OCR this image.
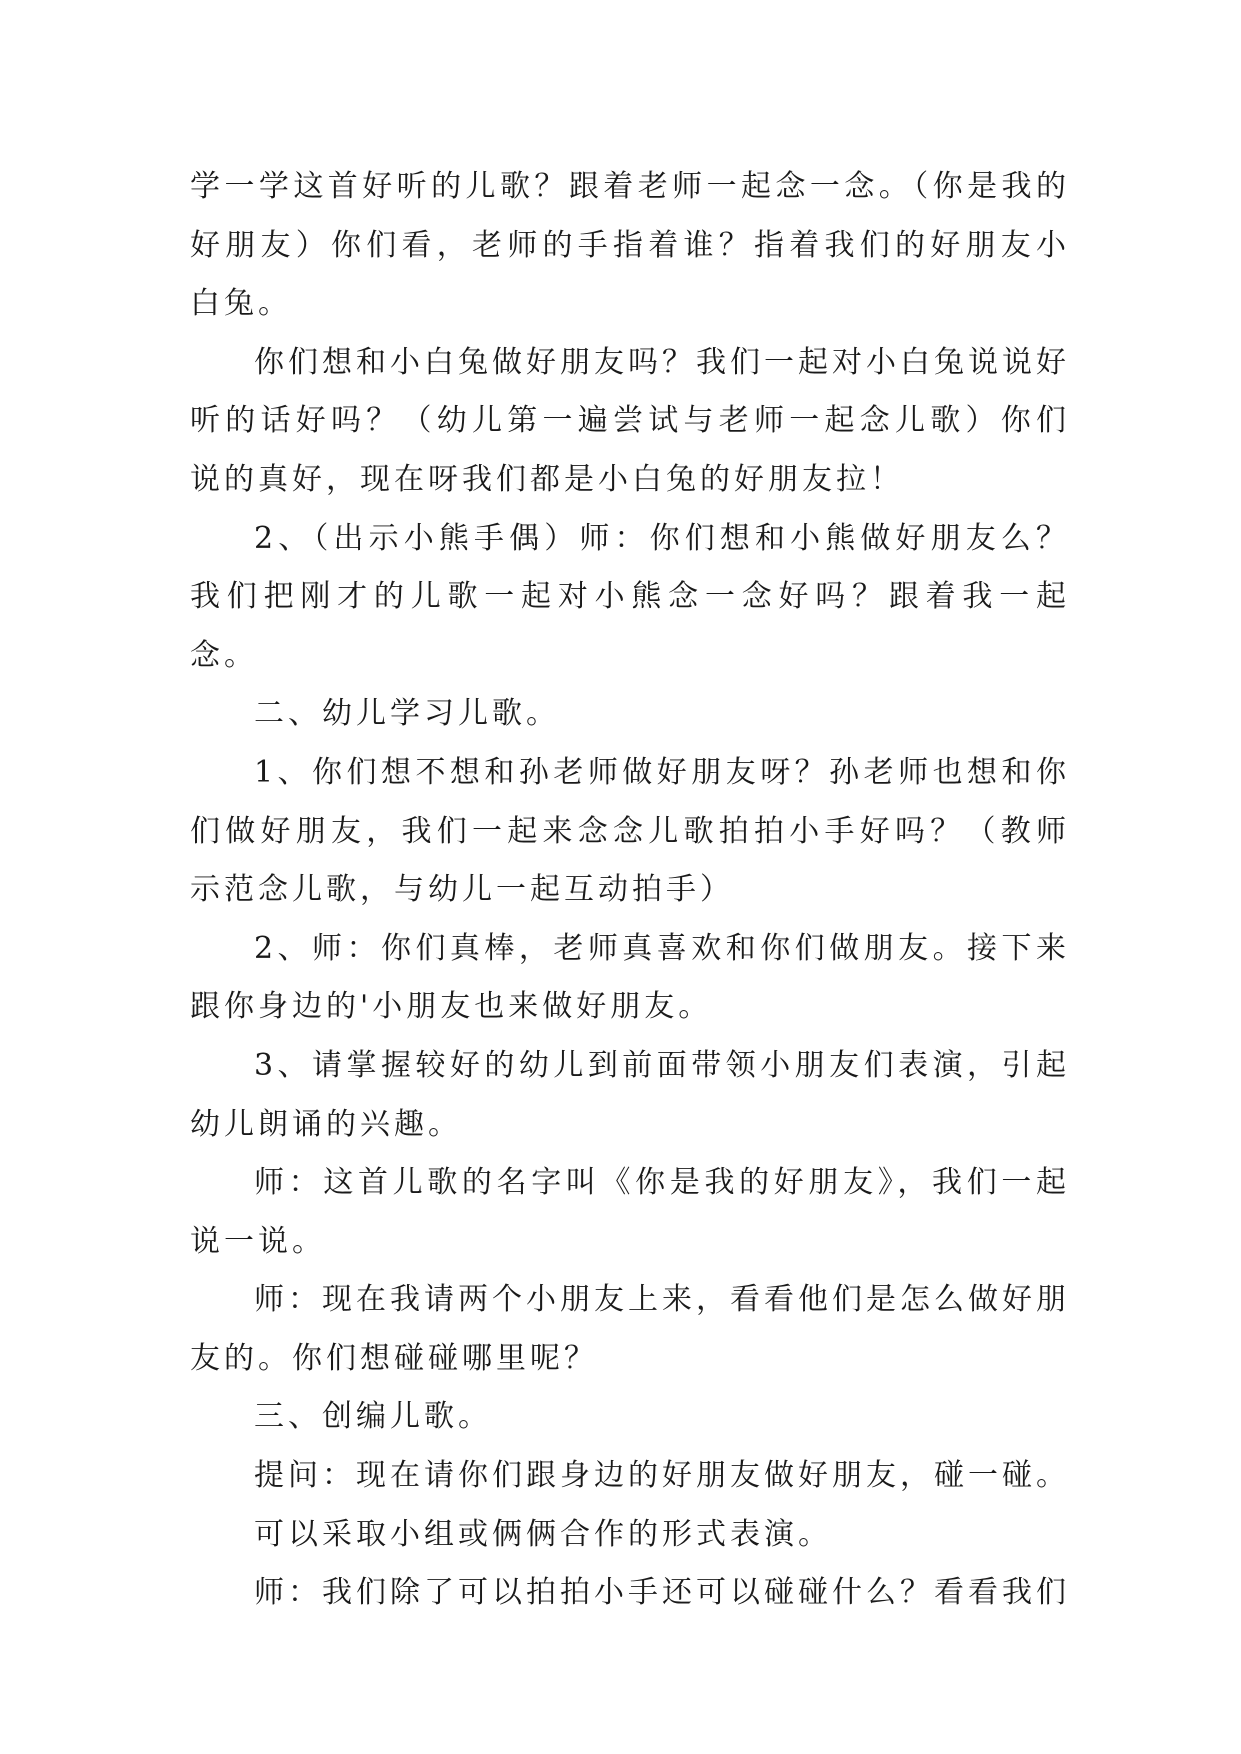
学一学这首好听的儿歌？跟着老师一起念一念。（你是我的好朋友）你们看，老师的手指着谁？指着我们的好朋友小白兔。

你们想和小白兔做好朋友吗？我们一起对小白兔说说好听的话好吗？（幼儿第一遍尝试与老师一起念儿歌）你们说的真好，现在呀我们都是小白兔的好朋友拉！

2、（出示小熊手偶）师：你们想和小熊做好朋友么？我们把刚才的儿歌一起对小熊念一念好吗？跟着我一起念。

二、幼儿学习儿歌。

1、你们想不想和孙老师做好朋友呀？孙老师也想和你们做好朋友，我们一起来念念儿歌拍拍小手好吗？（教师示范念儿歌，与幼儿一起互动拍手）

2、师：你们真棒，老师真喜欢和你们做朋友。接下来跟你身边的'小朋友也来做好朋友。

3、请掌握较好的幼儿到前面带领小朋友们表演，引起幼儿朗诵的兴趣。

师：这首儿歌的名字叫《你是我的好朋友》，我们一起说一说。

师：现在我请两个小朋友上来，看看他们是怎么做好朋友的。你们想碰碰哪里呢？

三、创编儿歌。

提问：现在请你们跟身边的好朋友做好朋友，碰一碰。

可以采取小组或俩俩合作的形式表演。

师：我们除了可以拍拍小手还可以碰碰什么？看看我们
